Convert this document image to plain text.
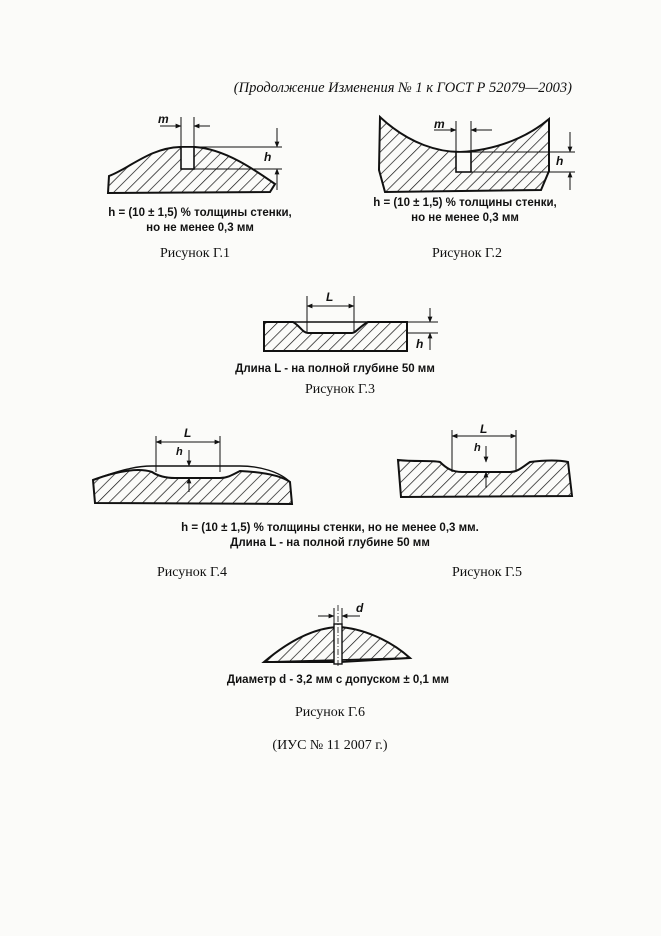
(Продолжение Изменения № 1 к ГОСТ Р 52079—2003)
m
h
h = (10 ± 1,5) % толщины стенки,
но не менее 0,3 мм
Рисунок Г.1
m
h
h = (10 ± 1,5) % толщины стенки,
но не менее 0,3 мм
Рисунок Г.2
L
h
Длина L - на полной глубине 50 мм
Рисунок Г.3
L
h
Рисунок Г.4
L
h
Рисунок Г.5
h = (10 ± 1,5) % толщины стенки, но не менее 0,3 мм.
Длина L - на полной глубине 50 мм
d
Диаметр d - 3,2 мм с допуском ± 0,1 мм
Рисунок Г.6
(ИУС № 11 2007 г.)
